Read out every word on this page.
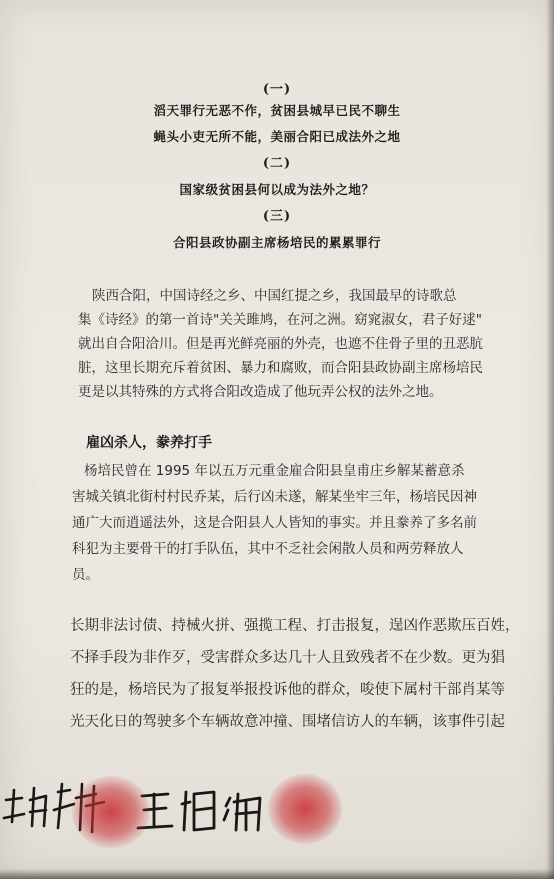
(一)
滔天罪行无恶不作，贫困县城早已民不聊生
蝇头小吏无所不能，美丽合阳已成法外之地
(二)
国家级贫困县何以成为法外之地？
(三)
合阳县政协副主席杨培民的累累罪行
陕西合阳，中国诗经之乡、中国红提之乡，我国最早的诗歌总
集《诗经》的第一首诗"关关雎鸠，在河之洲。窈窕淑女，君子好逑"
就出自合阳洽川。但是再光鲜亮丽的外壳，也遮不住骨子里的丑恶肮
脏，这里长期充斥着贫困、暴力和腐败，而合阳县政协副主席杨培民
更是以其特殊的方式将合阳改造成了他玩弄公权的法外之地。
雇凶杀人，豢养打手
杨培民曾在 1995 年以五万元重金雇合阳县皇甫庄乡解某蓄意杀
害城关镇北街村村民乔某，后行凶未遂，解某坐牢三年，杨培民因神
通广大而逍遥法外，这是合阳县人人皆知的事实。并且豢养了多名前
科犯为主要骨干的打手队伍，其中不乏社会闲散人员和两劳释放人
员。
长期非法讨债、持械火拼、强揽工程、打击报复，逞凶作恶欺压百姓，
不择手段为非作歹，受害群众多达几十人且致残者不在少数。更为猖
狂的是，杨培民为了报复举报投诉他的群众，唆使下属村干部肖某等
光天化日的驾驶多个车辆故意冲撞、围堵信访人的车辆，该事件引起
